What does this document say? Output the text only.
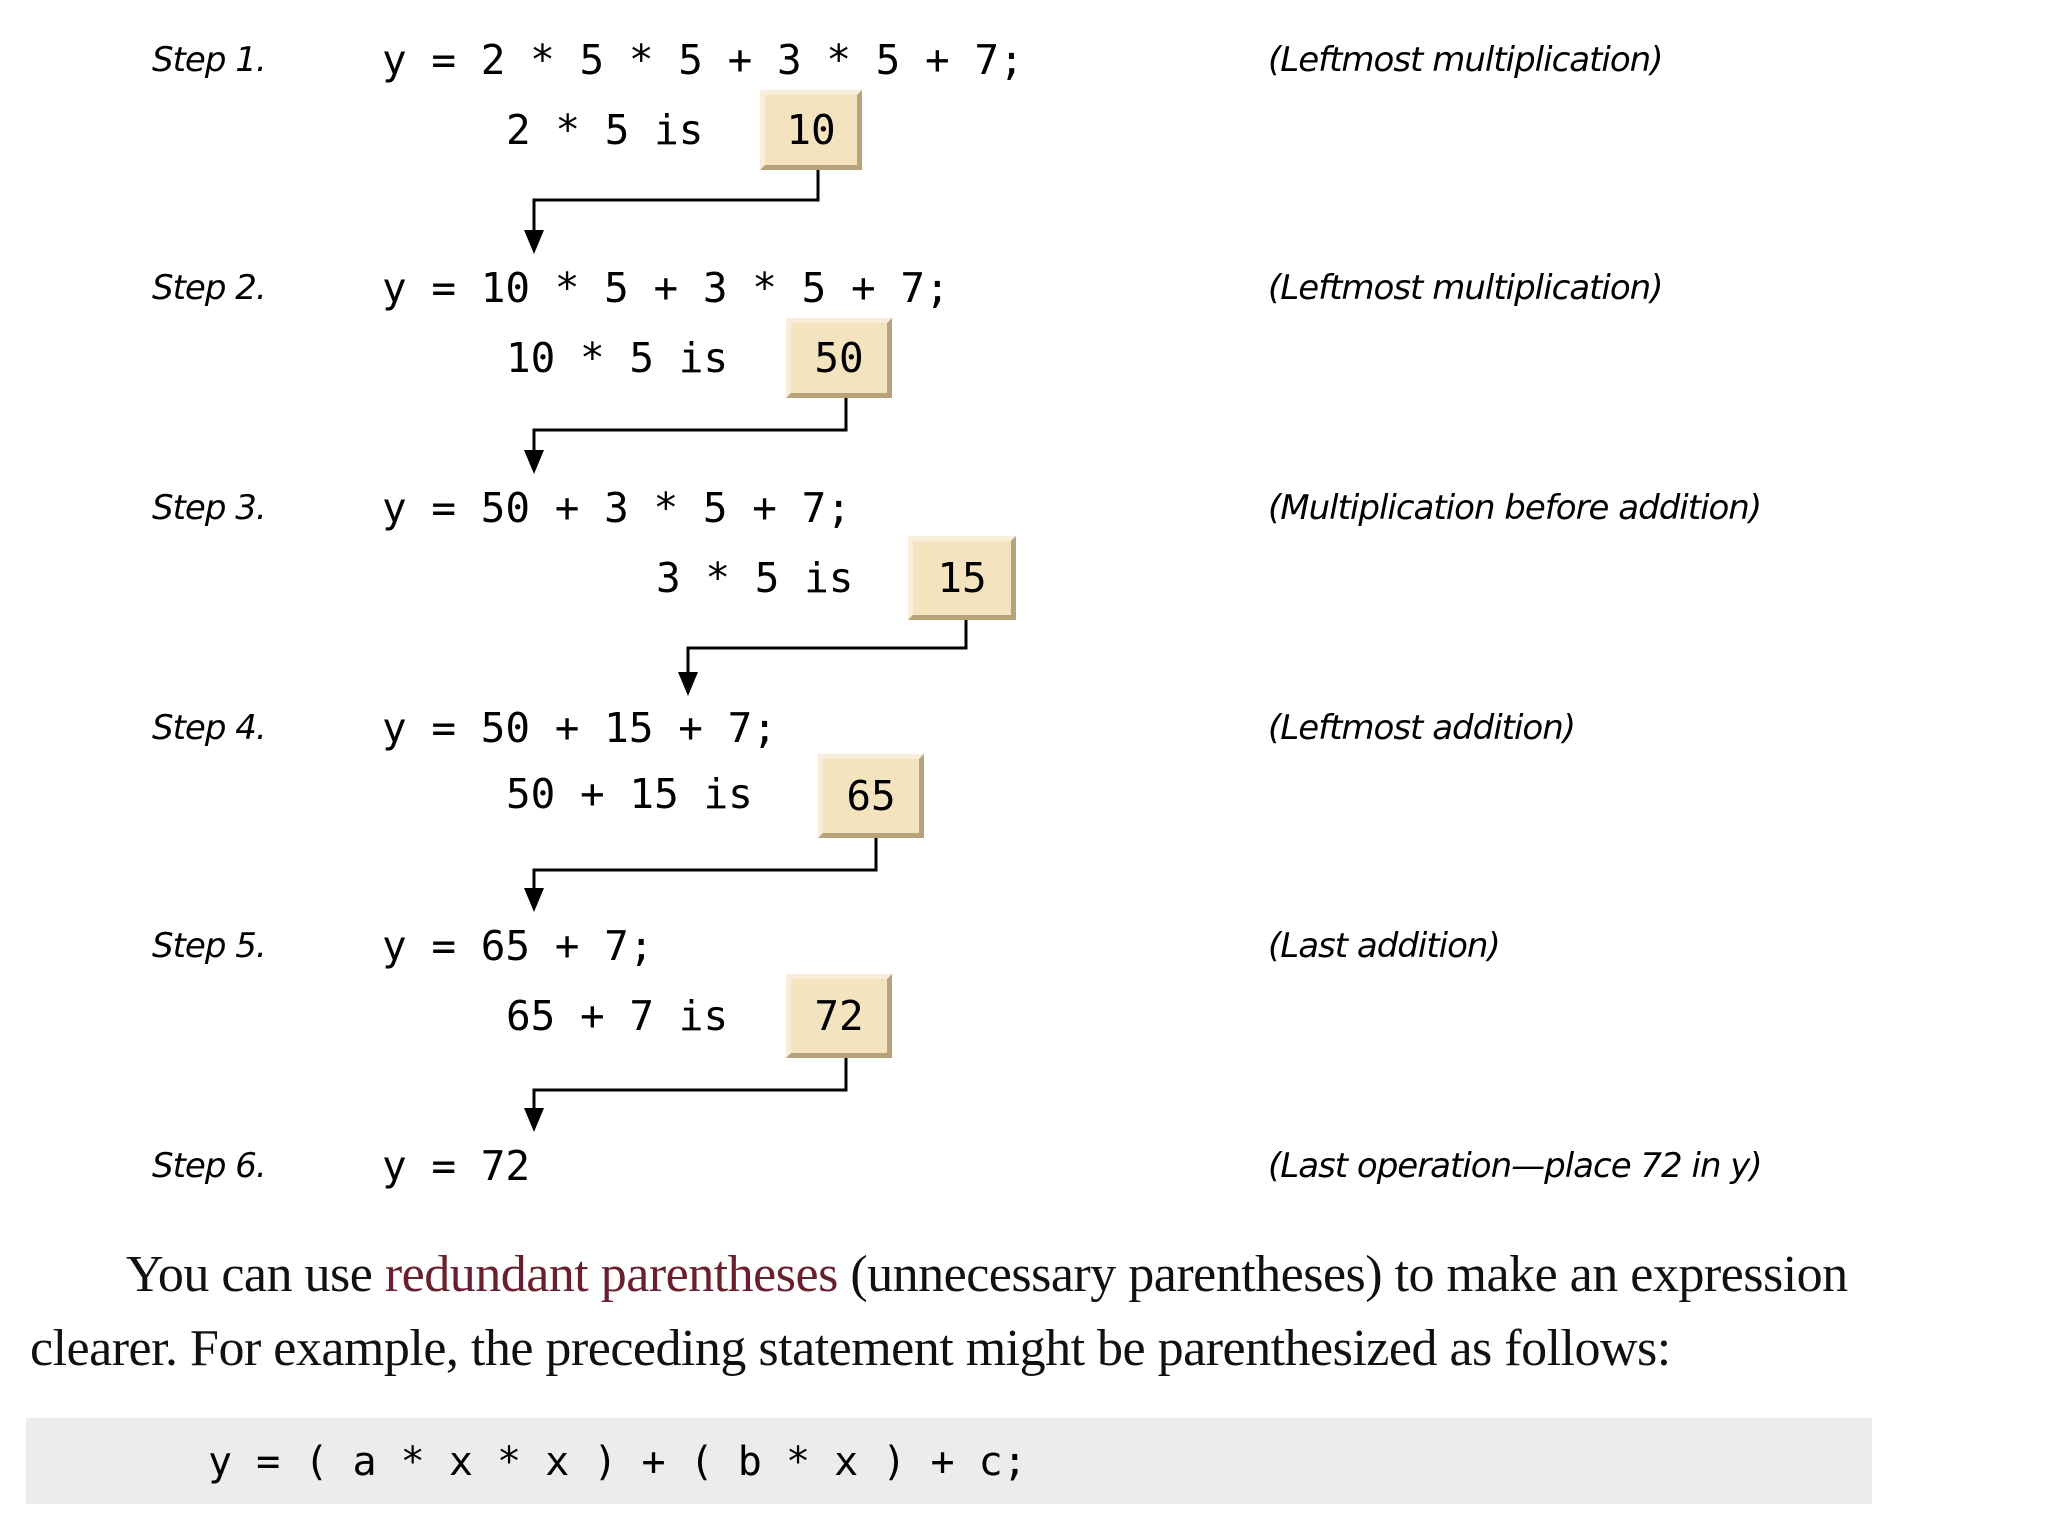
Step 1.	y = 2 * 5 * 5 + 3 * 5 + 7;	(Leftmost multiplication)
2 * 5 is	10
Step 2.	y = 10 * 5 + 3 * 5 + 7;	(Leftmost multiplication)
10 * 5 is	50
Step 3.	y = 50 + 3 * 5 + 7;	(Multiplication before addition)
3 * 5 is	15
Step 4.	y = 50 + 15 + 7;	(Leftmost addition)
50 + 15 is	65
Step 5.	y = 65 + 7;	(Last addition)
65 + 7 is	72
Step 6.	y = 72	(Last operation—place 72 in y)
You can use redundant parentheses (unnecessary parentheses) to make an expression clearer. For example, the preceding statement might be parenthesized as follows:
y = ( a * x * x ) + ( b * x ) + c;
